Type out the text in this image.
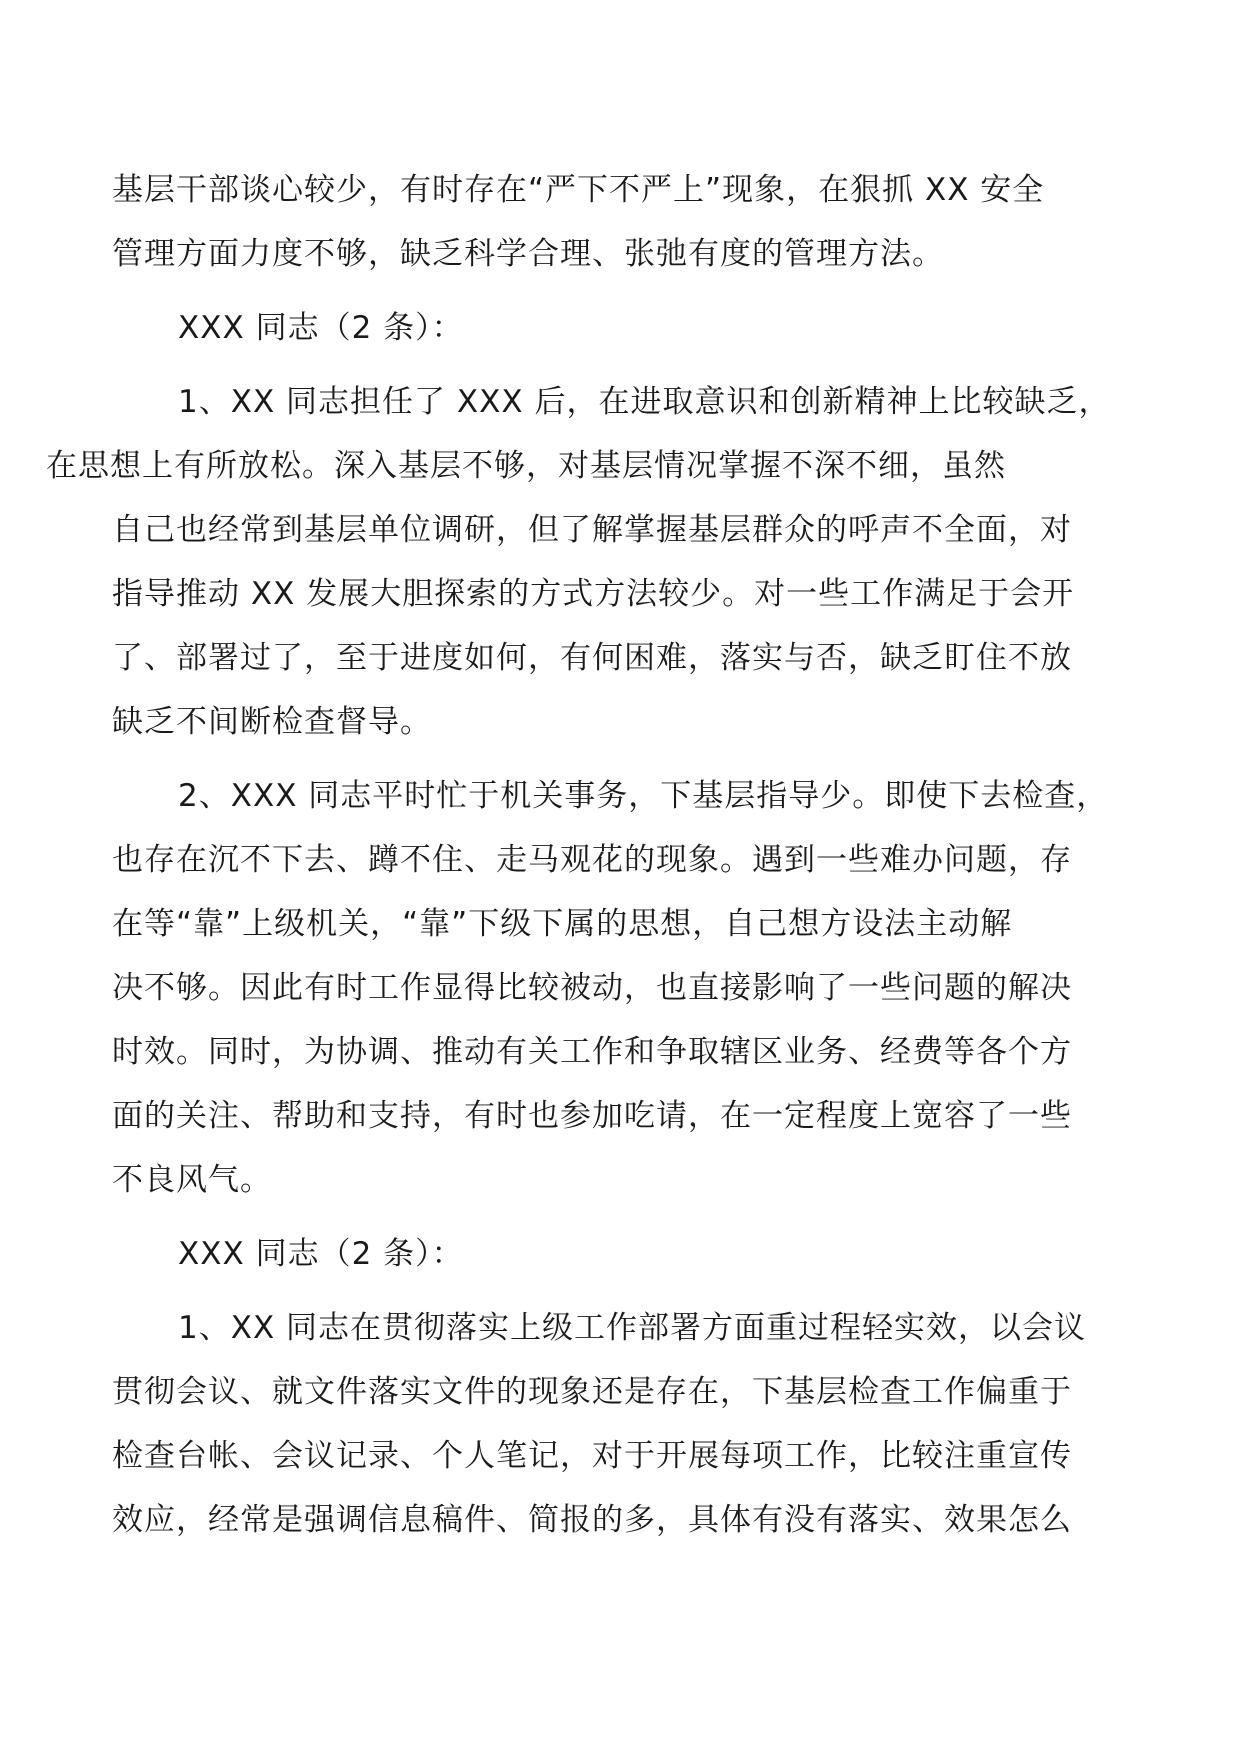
基层干部谈心较少，有时存在“严下不严上”现象，在狠抓 XX 安全
管理方面力度不够，缺乏科学合理、张弛有度的管理方法。

XXX 同志（2 条）：

1、XX 同志担任了 XXX 后，在进取意识和创新精神上比较缺乏，
在思想上有所放松。深入基层不够，对基层情况掌握不深不细，虽然
自己也经常到基层单位调研，但了解掌握基层群众的呼声不全面，对
指导推动 XX 发展大胆探索的方式方法较少。对一些工作满足于会开
了、部署过了，至于进度如何，有何困难，落实与否，缺乏盯住不放
缺乏不间断检查督导。

2、XXX 同志平时忙于机关事务，下基层指导少。即使下去检查，
也存在沉不下去、蹲不住、走马观花的现象。遇到一些难办问题，存
在等“靠”上级机关，“靠”下级下属的思想，自己想方设法主动解
决不够。因此有时工作显得比较被动，也直接影响了一些问题的解决
时效。同时，为协调、推动有关工作和争取辖区业务、经费等各个方
面的关注、帮助和支持，有时也参加吃请，在一定程度上宽容了一些
不良风气。

XXX 同志（2 条）：

1、XX 同志在贯彻落实上级工作部署方面重过程轻实效，以会议
贯彻会议、就文件落实文件的现象还是存在，下基层检查工作偏重于
检查台帐、会议记录、个人笔记，对于开展每项工作，比较注重宣传
效应，经常是强调信息稿件、简报的多，具体有没有落实、效果怎么
